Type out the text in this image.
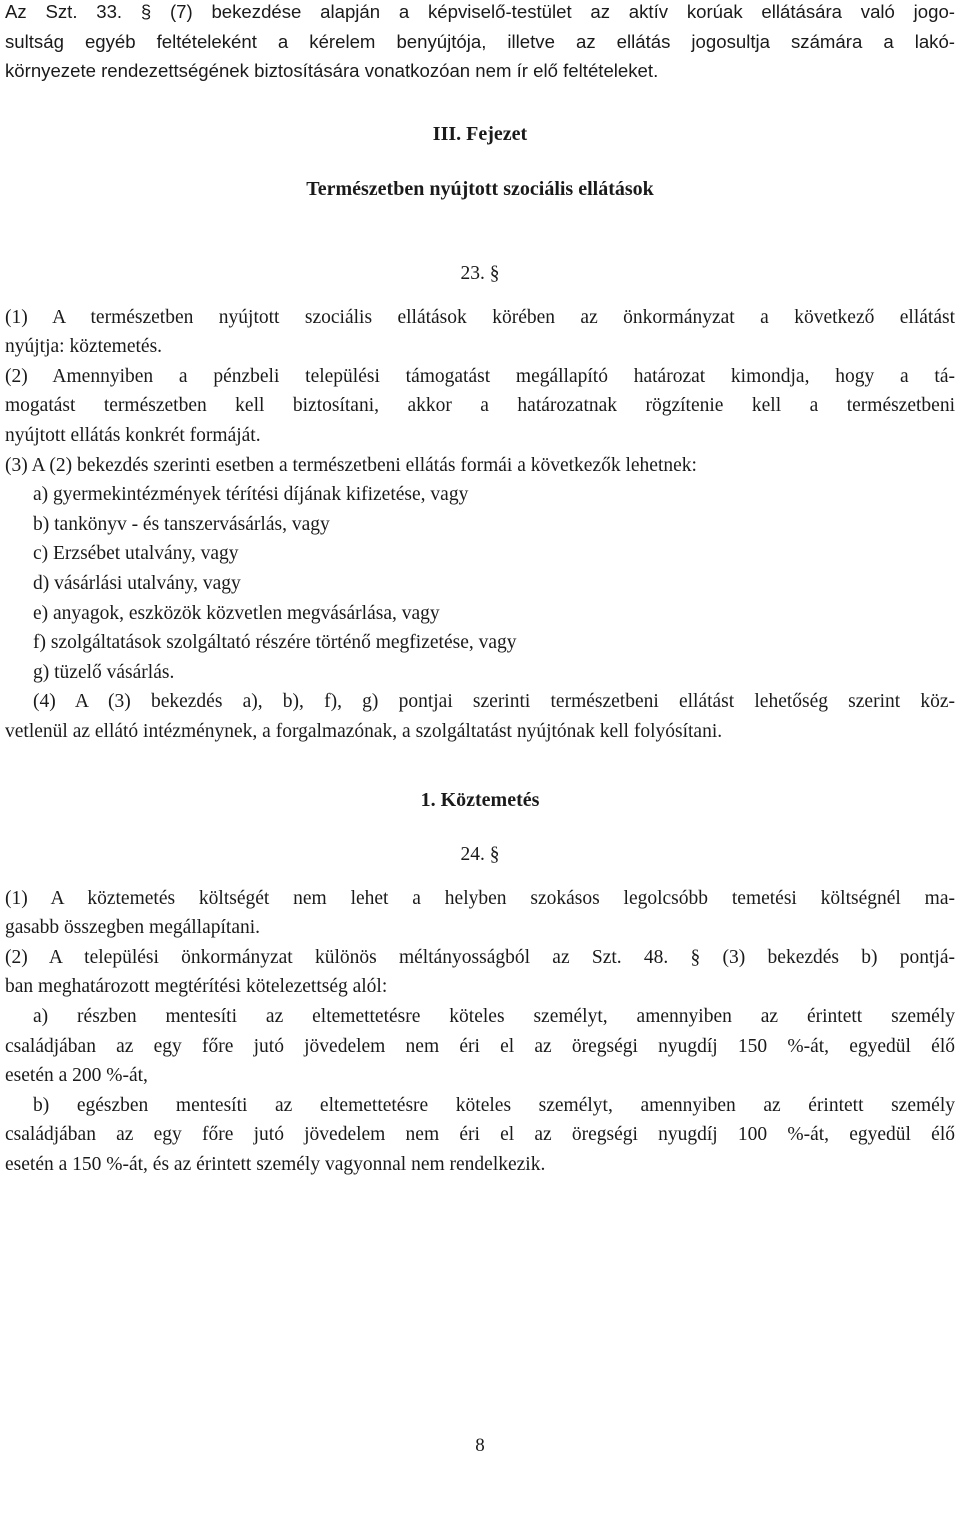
Az Szt. 33. § (7) bekezdése alapján a képviselő-testület az aktív korúak ellátására való jogo-

sultság egyéb feltételeként a kérelem benyújtója, illetve az ellátás jogosultja számára a lakó-

környezete rendezettségének biztosítására vonatkozóan nem ír elő feltételeket.

III. Fejezet

Természetben nyújtott szociális ellátások

23. §

(1) A természetben nyújtott szociális ellátások körében az önkormányzat a következő ellátást

nyújtja: köztemetés.

(2) Amennyiben a pénzbeli települési támogatást megállapító határozat kimondja, hogy a tá-

mogatást természetben kell biztosítani, akkor a határozatnak rögzítenie kell a természetbeni

nyújtott ellátás konkrét formáját.

(3) A (2) bekezdés szerinti esetben a természetbeni ellátás formái a következők lehetnek:

a) gyermekintézmények térítési díjának kifizetése, vagy

b) tankönyv - és tanszervásárlás, vagy

c) Erzsébet utalvány, vagy

d) vásárlási utalvány, vagy

e) anyagok, eszközök közvetlen megvásárlása, vagy

f) szolgáltatások szolgáltató részére történő megfizetése, vagy

g) tüzelő vásárlás.

(4) A (3) bekezdés a), b), f), g) pontjai szerinti természetbeni ellátást lehetőség szerint köz-

vetlenül az ellátó intézménynek, a forgalmazónak, a szolgáltatást nyújtónak kell folyósítani.

1. Köztemetés

24. §

(1) A köztemetés költségét nem lehet a helyben szokásos legolcsóbb temetési költségnél ma-

gasabb összegben megállapítani.

(2) A települési önkormányzat különös méltányosságból az Szt. 48. § (3) bekezdés b) pontjá-

ban meghatározott megtérítési kötelezettség alól:

a) részben mentesíti az eltemettetésre köteles személyt, amennyiben az érintett személy

családjában az egy főre jutó jövedelem nem éri el az öregségi nyugdíj 150 %-át, egyedül élő

esetén a 200 %-át,

b) egészben mentesíti az eltemettetésre köteles személyt, amennyiben az érintett személy

családjában az egy főre jutó jövedelem nem éri el az öregségi nyugdíj 100 %-át, egyedül élő

esetén a 150 %-át, és az érintett személy vagyonnal nem rendelkezik.

8
